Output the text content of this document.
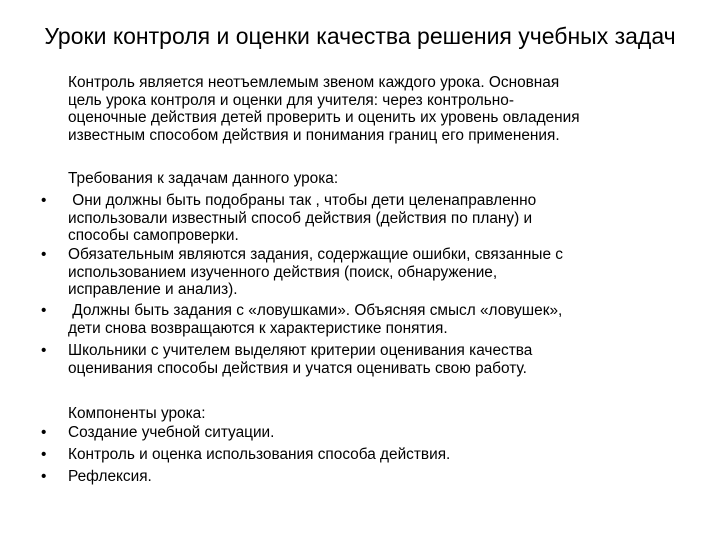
Уроки контроля и оценки качества решения учебных задач
Контроль является неотъемлемым звеном каждого урока. Основная
цель урока контроля и оценки для учителя: через контрольно-
оценочные действия детей проверить и оценить их уровень овладения
известным способом действия и понимания границ его применения.
Требования к задачам данного урока:
• Они должны быть подобраны так , чтобы дети целенаправленно
использовали известный способ действия (действия по плану) и
способы самопроверки.
• Обязательным являются задания, содержащие ошибки, связанные с
использованием изученного действия (поиск, обнаружение,
исправление и анализ).
• Должны быть задания с «ловушками». Объясняя смысл «ловушек»,
дети снова возвращаются к характеристике понятия.
• Школьники с учителем выделяют критерии оценивания качества
оценивания способы действия и учатся оценивать свою работу.
Компоненты урока:
• Создание учебной ситуации.
• Контроль и оценка использования способа действия.
• Рефлексия.
